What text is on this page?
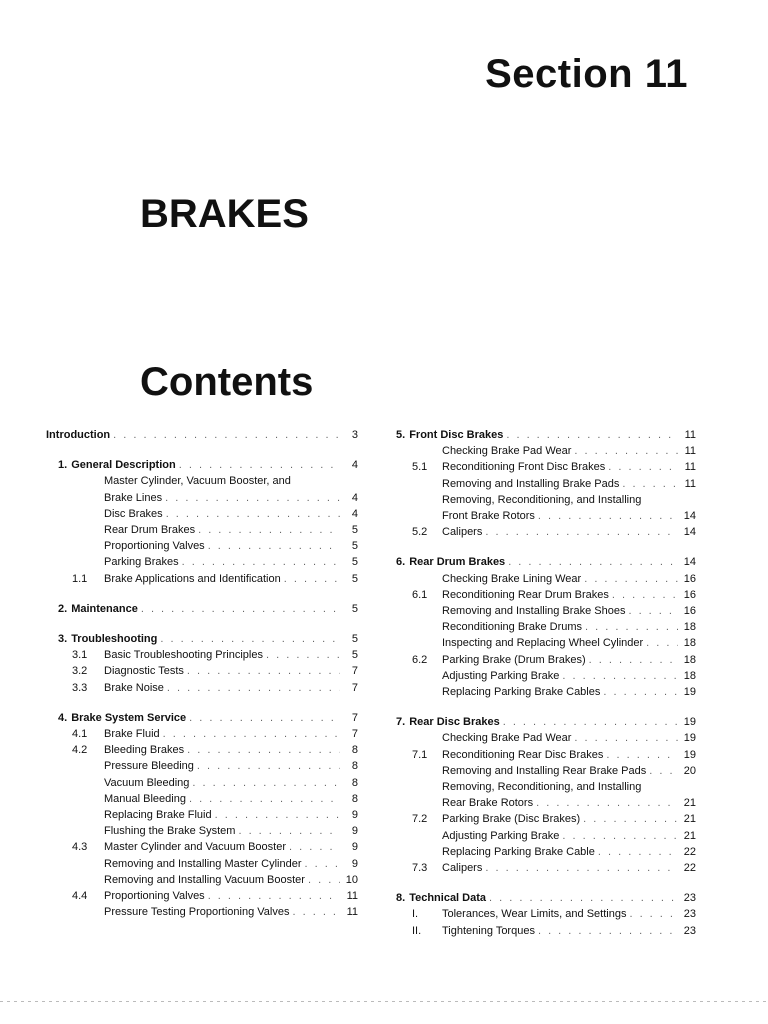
Section 11
BRAKES
Contents
Introduction . . .	3
1. General Description . . .	4
Master Cylinder, Vacuum Booster, and
Brake Lines . . .	4
Disc Brakes . . .	4
Rear Drum Brakes . . .	5
Proportioning Valves . . .	5
Parking Brakes . . .	5
1.1 Brake Applications and Identification . . .	5
2. Maintenance . . .	5
3. Troubleshooting . . .	5
3.1 Basic Troubleshooting Principles . . .	5
3.2 Diagnostic Tests . . .	7
3.3 Brake Noise . . .	7
4. Brake System Service . . .	7
4.1 Brake Fluid . . .	7
4.2 Bleeding Brakes . . .	8
Pressure Bleeding . . .	8
Vacuum Bleeding . . .	8
Manual Bleeding . . .	8
Replacing Brake Fluid . . .	9
Flushing the Brake System . . .	9
4.3 Master Cylinder and Vacuum Booster . . .	9
Removing and Installing Master Cylinder . . .	9
Removing and Installing Vacuum Booster . . .	10
4.4 Proportioning Valves . . .	11
Pressure Testing Proportioning Valves . . .	11
5. Front Disc Brakes . . .	11
Checking Brake Pad Wear . . .	11
5.1 Reconditioning Front Disc Brakes . . .	11
Removing and Installing Brake Pads . . .	11
Removing, Reconditioning, and Installing
Front Brake Rotors . . .	14
5.2 Calipers . . .	14
6. Rear Drum Brakes . . .	14
Checking Brake Lining Wear . . .	16
6.1 Reconditioning Rear Drum Brakes . . .	16
Removing and Installing Brake Shoes . . .	16
Reconditioning Brake Drums . . .	18
Inspecting and Replacing Wheel Cylinder . . .	18
6.2 Parking Brake (Drum Brakes) . . .	18
Adjusting Parking Brake . . .	18
Replacing Parking Brake Cables . . .	19
7. Rear Disc Brakes . . .	19
Checking Brake Pad Wear . . .	19
7.1 Reconditioning Rear Disc Brakes . . .	19
Removing and Installing Rear Brake Pads . . .	20
Removing, Reconditioning, and Installing
Rear Brake Rotors . . .	21
7.2 Parking Brake (Disc Brakes) . . .	21
Adjusting Parking Brake . . .	21
Replacing Parking Brake Cable . . .	22
7.3 Calipers . . .	22
8. Technical Data . . .	23
I. Tolerances, Wear Limits, and Settings . . .	23
II. Tightening Torques . . .	23
